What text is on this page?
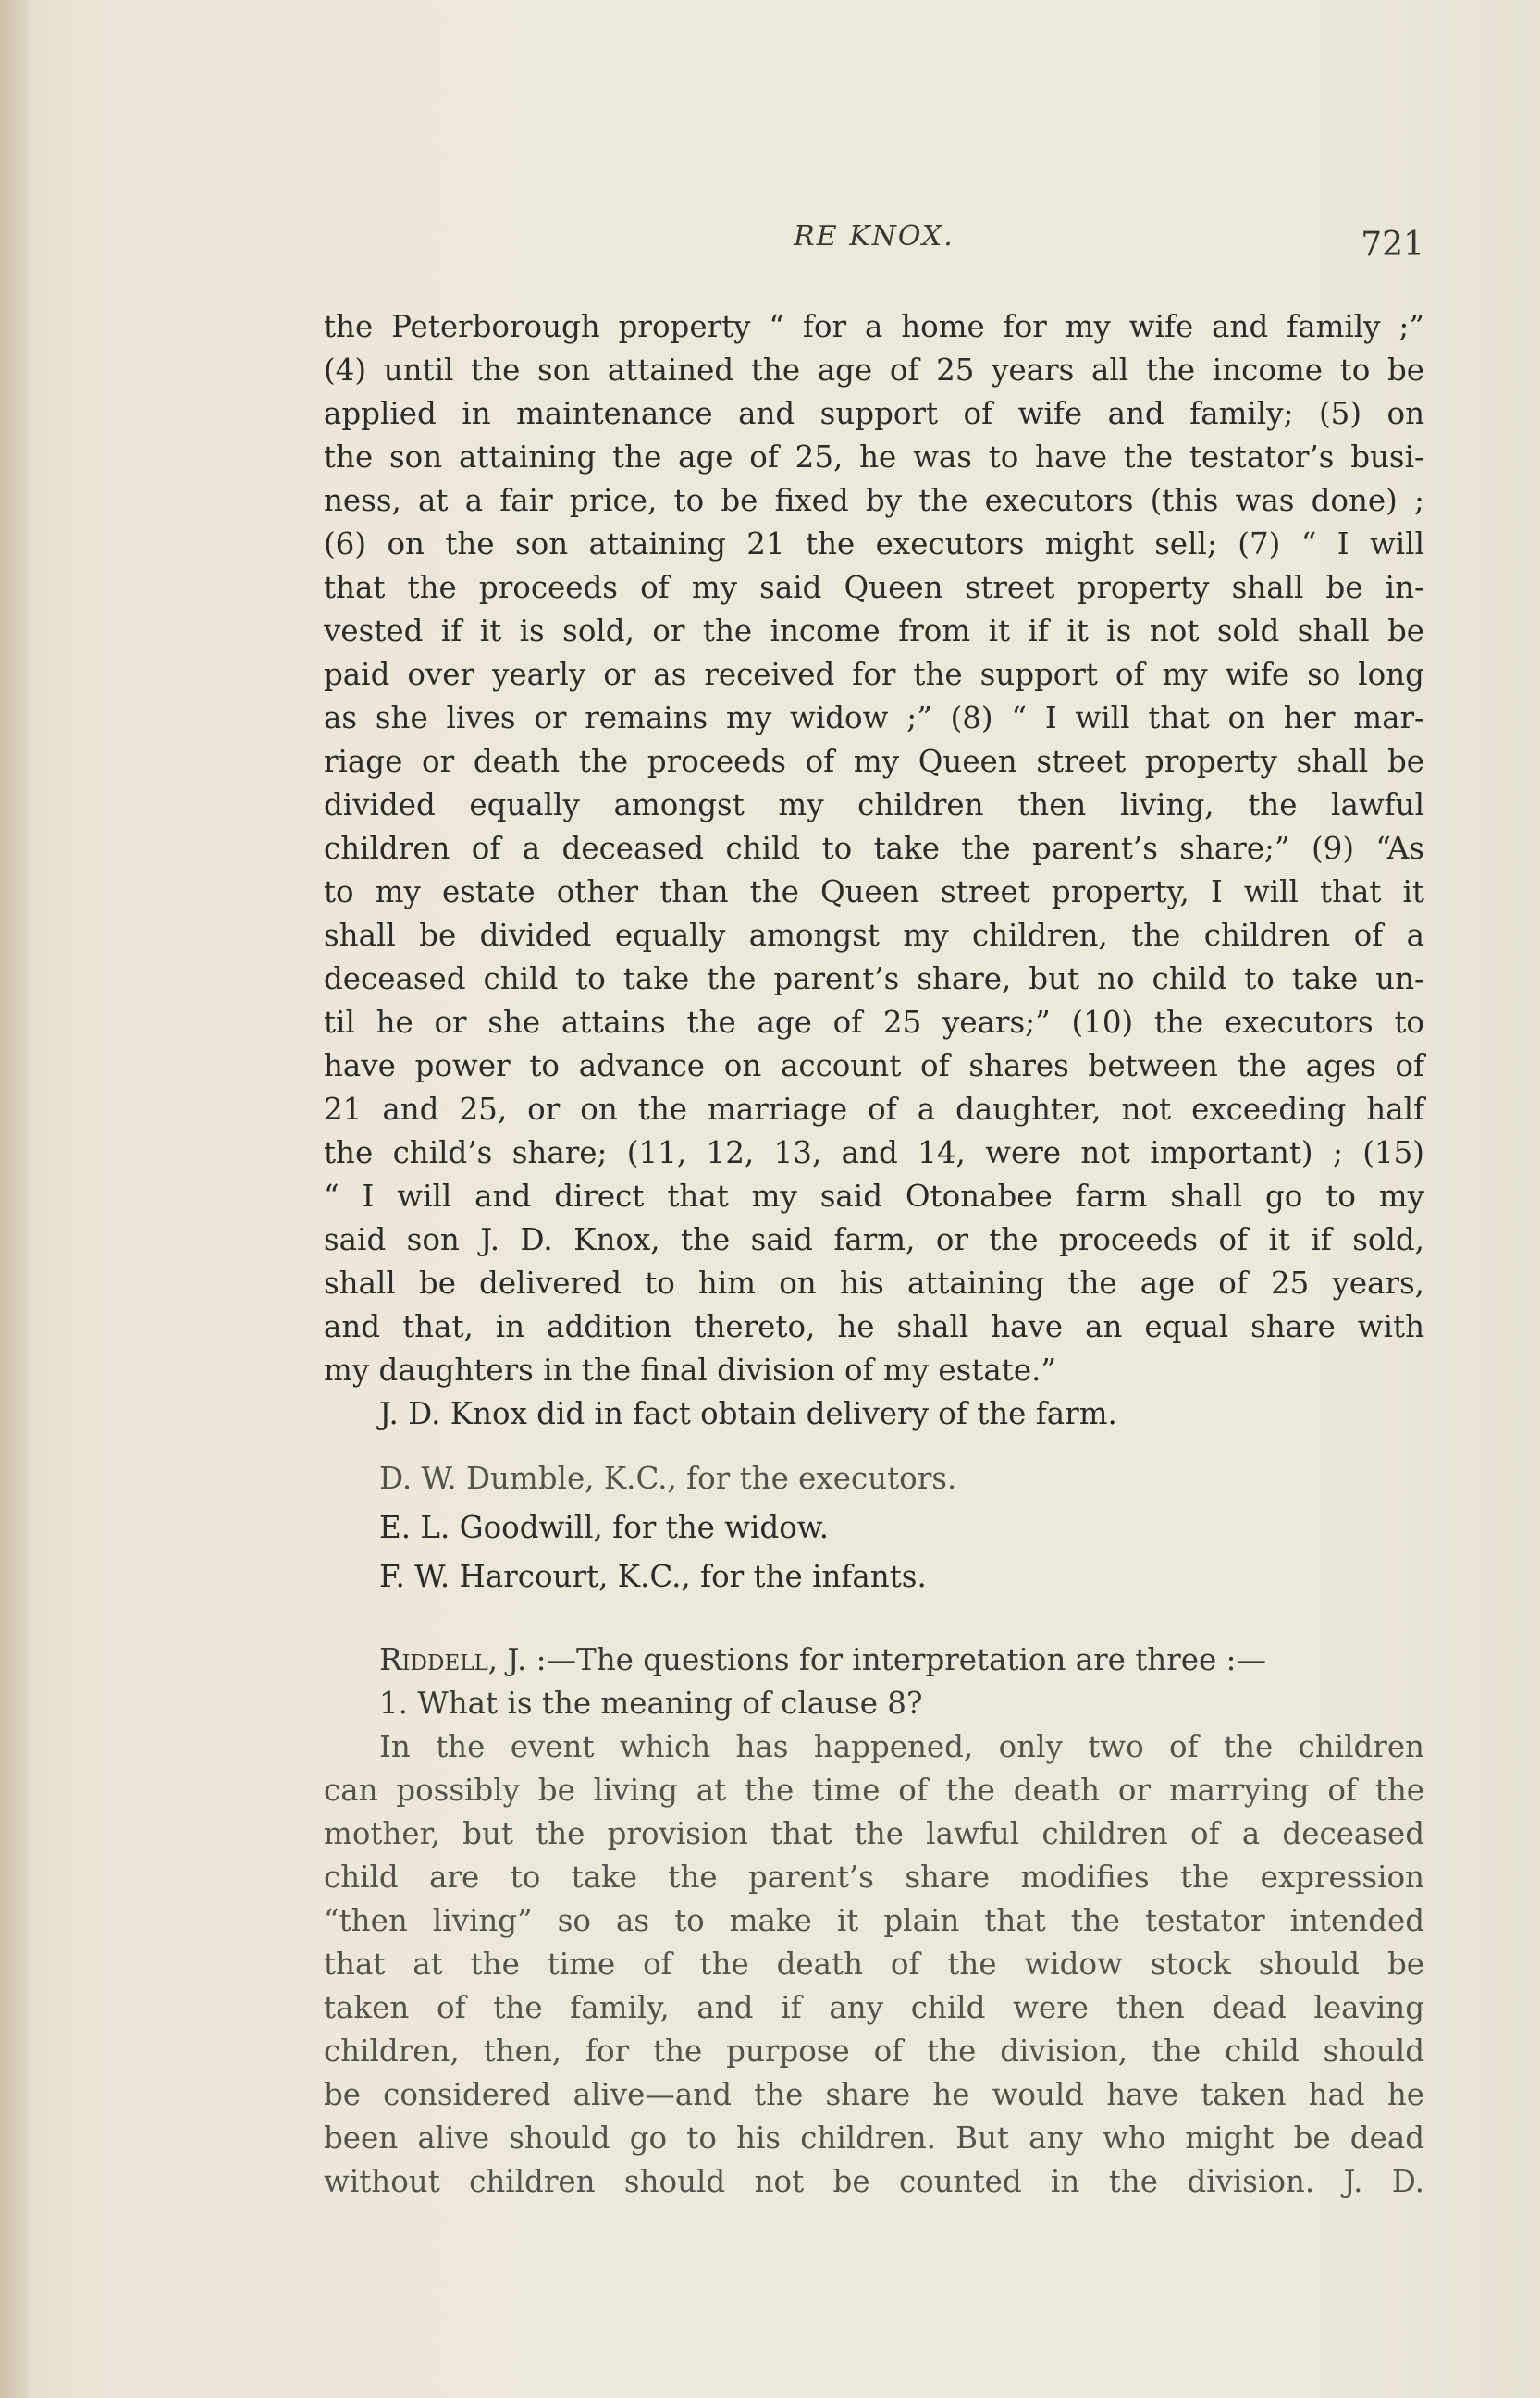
RE KNOX.	721
the Peterborough property “ for a home for my wife and family ;”
(4) until the son attained the age of 25 years all the income to be
applied in maintenance and support of wife and family; (5) on
the son attaining the age of 25, he was to have the testator’s busi-
ness, at a fair price, to be fixed by the executors (this was done) ;
(6) on the son attaining 21 the executors might sell; (7) “ I will
that the proceeds of my said Queen street property shall be in-
vested if it is sold, or the income from it if it is not sold shall be
paid over yearly or as received for the support of my wife so long
as she lives or remains my widow ;” (8) “ I will that on her mar-
riage or death the proceeds of my Queen street property shall be
divided equally amongst my children then living, the lawful
children of a deceased child to take the parent’s share;” (9) “As
to my estate other than the Queen street property, I will that it
shall be divided equally amongst my children, the children of a
deceased child to take the parent’s share, but no child to take un-
til he or she attains the age of 25 years;” (10) the executors to
have power to advance on account of shares between the ages of
21 and 25, or on the marriage of a daughter, not exceeding half
the child’s share; (11, 12, 13, and 14, were not important) ; (15)
“ I will and direct that my said Otonabee farm shall go to my
said son J. D. Knox, the said farm, or the proceeds of it if sold,
shall be delivered to him on his attaining the age of 25 years,
and that, in addition thereto, he shall have an equal share with
my daughters in the final division of my estate.”
J. D. Knox did in fact obtain delivery of the farm.
D. W. Dumble, K.C., for the executors.
E. L. Goodwill, for the widow.
F. W. Harcourt, K.C., for the infants.
Riddell, J. :—The questions for interpretation are three :—
1. What is the meaning of clause 8?
In the event which has happened, only two of the children
can possibly be living at the time of the death or marrying of the
mother, but the provision that the lawful children of a deceased
child are to take the parent’s share modifies the expression
“then living” so as to make it plain that the testator intended
that at the time of the death of the widow stock should be
taken of the family, and if any child were then dead leaving
children, then, for the purpose of the division, the child should
be considered alive—and the share he would have taken had he
been alive should go to his children. But any who might be dead
without children should not be counted in the division. J. D.
